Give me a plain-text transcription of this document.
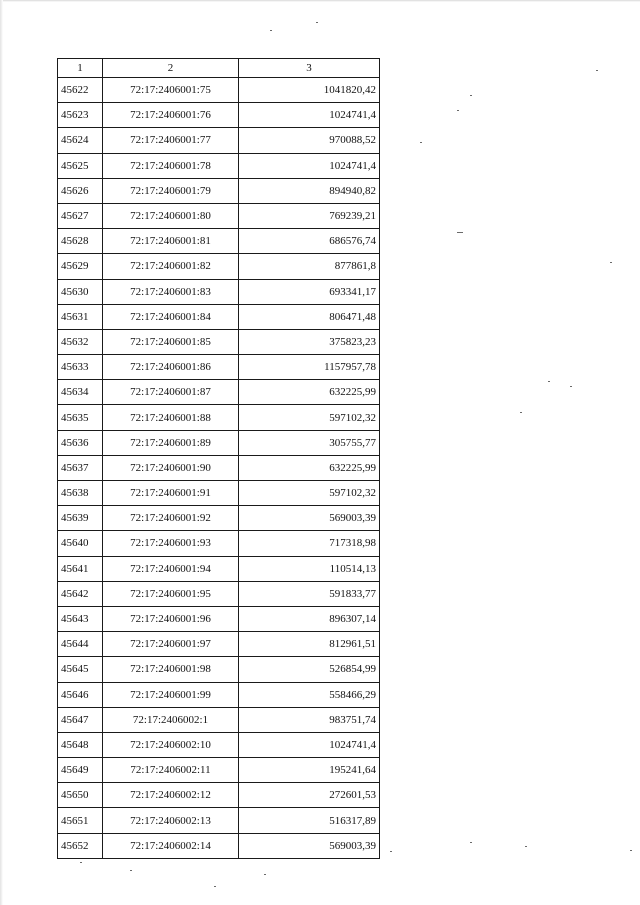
1	2	3
45622	72:17:2406001:75	1041820,42
45623	72:17:2406001:76	1024741,4
45624	72:17:2406001:77	970088,52
45625	72:17:2406001:78	1024741,4
45626	72:17:2406001:79	894940,82
45627	72:17:2406001:80	769239,21
45628	72:17:2406001:81	686576,74
45629	72:17:2406001:82	877861,8
45630	72:17:2406001:83	693341,17
45631	72:17:2406001:84	806471,48
45632	72:17:2406001:85	375823,23
45633	72:17:2406001:86	1157957,78
45634	72:17:2406001:87	632225,99
45635	72:17:2406001:88	597102,32
45636	72:17:2406001:89	305755,77
45637	72:17:2406001:90	632225,99
45638	72:17:2406001:91	597102,32
45639	72:17:2406001:92	569003,39
45640	72:17:2406001:93	717318,98
45641	72:17:2406001:94	110514,13
45642	72:17:2406001:95	591833,77
45643	72:17:2406001:96	896307,14
45644	72:17:2406001:97	812961,51
45645	72:17:2406001:98	526854,99
45646	72:17:2406001:99	558466,29
45647	72:17:2406002:1	983751,74
45648	72:17:2406002:10	1024741,4
45649	72:17:2406002:11	195241,64
45650	72:17:2406002:12	272601,53
45651	72:17:2406002:13	516317,89
45652	72:17:2406002:14	569003,39
